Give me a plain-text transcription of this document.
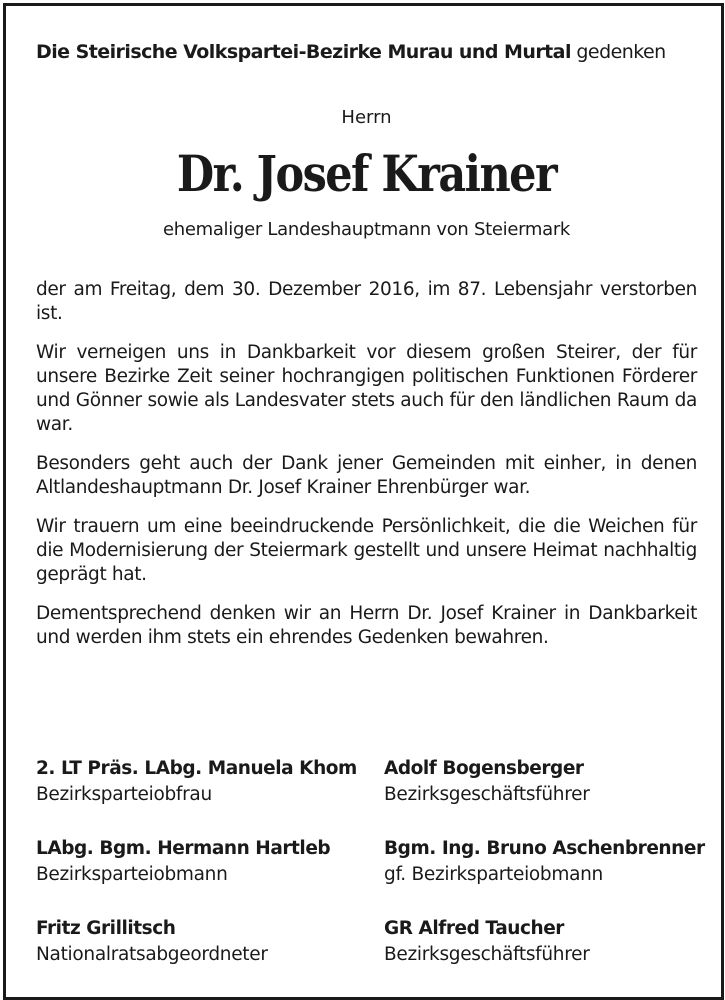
Die Steirische Volkspartei-Bezirke Murau und Murtal gedenken
Herrn
Dr. Josef Krainer
ehemaliger Landeshauptmann von Steiermark

der am Freitag, dem 30. Dezember 2016, im 87. Lebensjahr verstorben ist.

Wir verneigen uns in Dankbarkeit vor diesem großen Steirer, der für unsere Bezirke Zeit seiner hochrangigen politischen Funktionen Förderer und Gönner sowie als Landesvater stets auch für den ländlichen Raum da war.

Besonders geht auch der Dank jener Gemeinden mit einher, in denen Altlandeshauptmann Dr. Josef Krainer Ehrenbürger war.

Wir trauern um eine beeindruckende Persönlichkeit, die die Weichen für die Modernisierung der Steiermark gestellt und unsere Heimat nachhaltig geprägt hat.

Dementsprechend denken wir an Herrn Dr. Josef Krainer in Dankbarkeit und werden ihm stets ein ehrendes Gedenken bewahren.

2. LT Präs. LAbg. Manuela Khom
Bezirksparteiobfrau
Adolf Bogensberger
Bezirksgeschäftsführer
LAbg. Bgm. Hermann Hartleb
Bezirksparteiobmann
Bgm. Ing. Bruno Aschenbrenner
gf. Bezirksparteiobmann
Fritz Grillitsch
Nationalratsabgeordneter
GR Alfred Taucher
Bezirksgeschäftsführer
